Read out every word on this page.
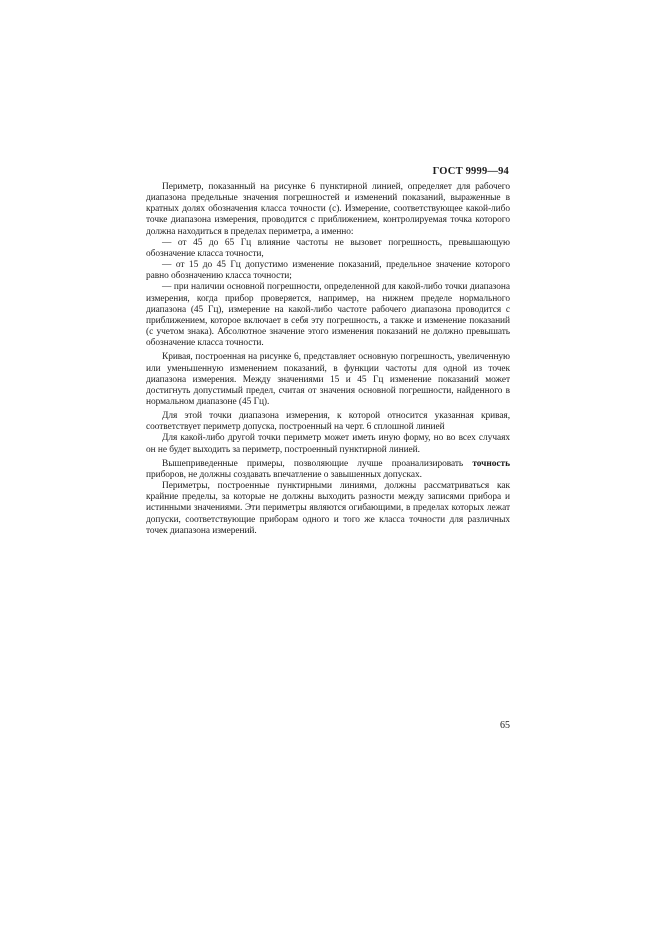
ГОСТ 9999—94

Периметр, показанный на рисунке 6 пунктирной линией, определяет для рабочего диапазона предельные значения погрешностей и изменений показаний, выраженные в кратных долях обозначения класса точности (c). Измерение, соответствующее какой-либо точке диапазона измерения, проводится с приближением, контролируемая точка которого должна находиться в пределах периметра, а именно:

— от 45 до 65 Гц влияние частоты не вызовет погрешность, превышающую обозначение класса точности,

— от 15 до 45 Гц допустимо изменение показаний, предельное значение которого равно обозначению класса точности;

— при наличии основной погрешности, определенной для какой-либо точки диапазона измерения, когда прибор проверяется, например, на нижнем пределе нормального диапазона (45 Гц), измерение на какой-либо частоте рабочего диапазона проводится с приближением, которое включает в себя эту погрешность, а также и изменение показаний (с учетом знака). Абсолютное значение этого изменения показаний не должно превышать обозначение класса точности.

Кривая, построенная на рисунке 6, представляет основную погрешность, увеличенную или уменьшенную изменением показаний, в функции частоты для одной из точек диапазона измерения. Между значениями 15 и 45 Гц изменение показаний может достигнуть допустимый предел, считая от значения основной погрешности, найденного в нормальном диапазоне (45 Гц).

Для этой точки диапазона измерения, к которой относится указанная кривая, соответствует периметр допуска, построенный на черт. 6 сплошной линией

Для какой-либо другой точки периметр может иметь иную форму, но во всех случаях он не будет выходить за периметр, построенный пунктирной линией.

Вышеприведенные примеры, позволяющие лучше проанализировать точность приборов, не должны создавать впечатление о завышенных допусках.

Периметры, построенные пунктирными линиями, должны рассматриваться как крайние пределы, за которые не должны выходить разности между записями прибора и истинными значениями. Эти периметры являются огибающими, в пределах которых лежат допуски, соответствующие приборам одного и того же класса точности для различных точек диапазона измерений.

65
